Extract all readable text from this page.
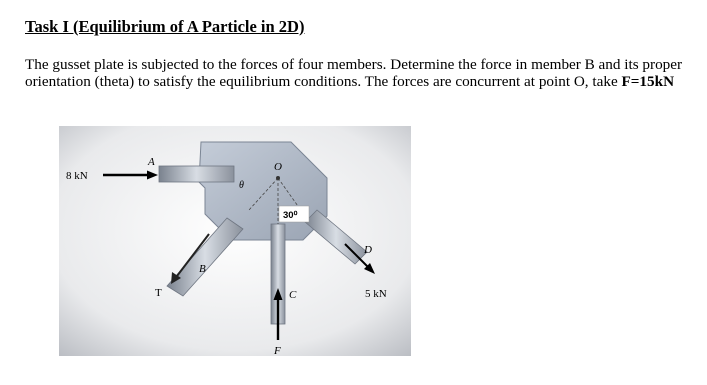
Task I (Equilibrium of A Particle in 2D)
The gusset plate is subjected to the forces of four members. Determine the force in member B and its proper orientation (theta) to satisfy the equilibrium conditions. The forces are concurrent at point O, take F=15kN
8 kN
A	O
θ
30⁰
D
B
T	C	5 kN
F
